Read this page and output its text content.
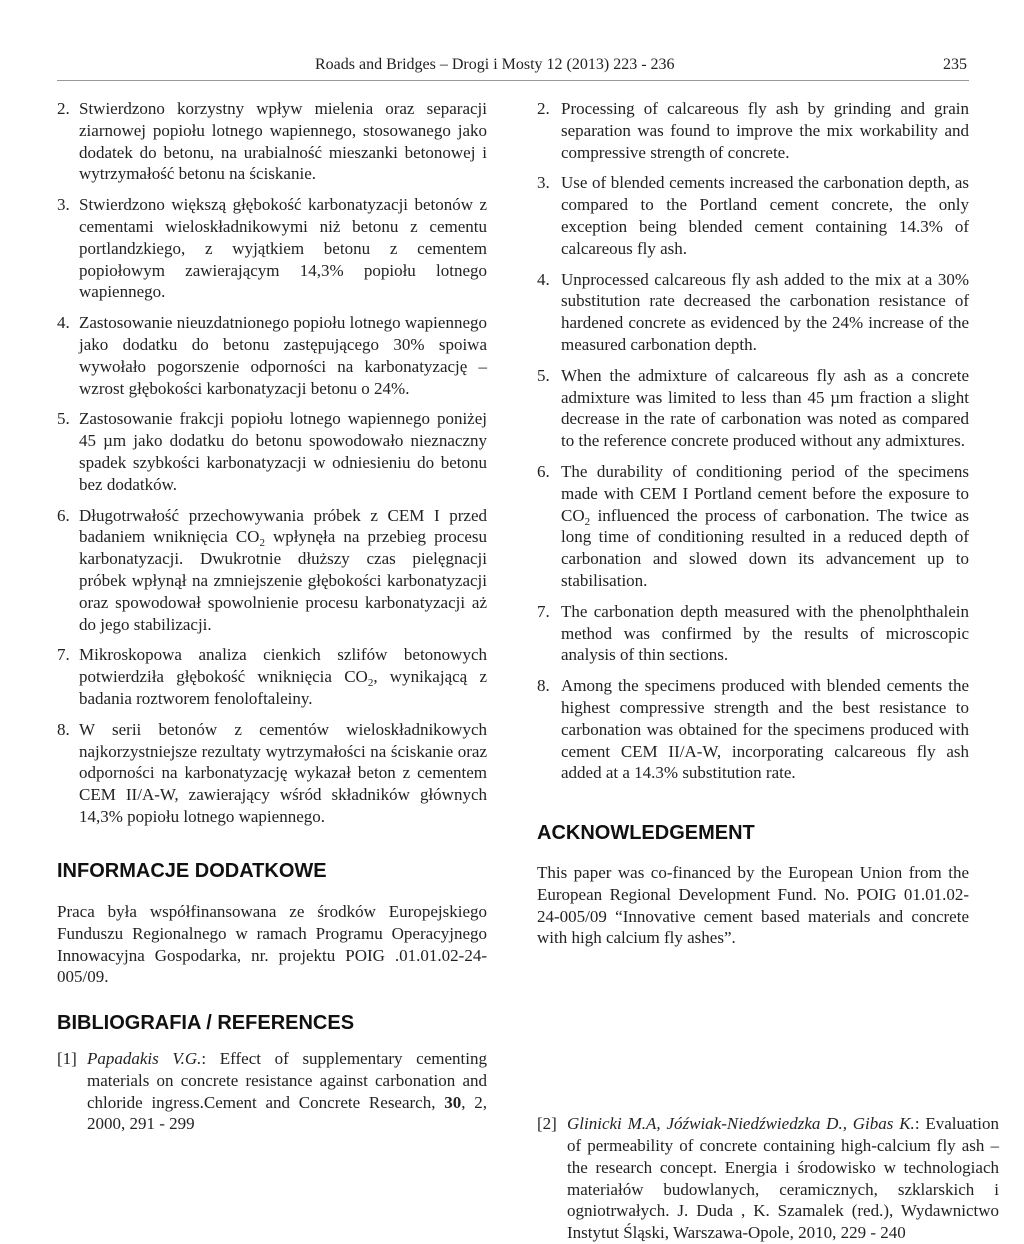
Roads and Bridges – Drogi i Mosty 12 (2013) 223 - 236	235
2. Stwierdzono korzystny wpływ mielenia oraz separacji ziarnowej popiołu lotnego wapiennego, stosowanego jako dodatek do betonu, na urabialność mieszanki betonowej i wytrzymałość betonu na ściskanie.
3. Stwierdzono większą głębokość karbonatyzacji betonów z cementami wieloskładnikowymi niż betonu z cementu portlandzkiego, z wyjątkiem betonu z cementem popiołowym zawierającym 14,3% popiołu lotnego wapiennego.
4. Zastosowanie nieuzdatnionego popiołu lotnego wapiennego jako dodatku do betonu zastępującego 30% spoiwa wywołało pogorszenie odporności na karbonatyzację – wzrost głębokości karbonatyzacji betonu o 24%.
5. Zastosowanie frakcji popiołu lotnego wapiennego poniżej 45 µm jako dodatku do betonu spowodowało nieznaczny spadek szybkości karbonatyzacji w odniesieniu do betonu bez dodatków.
6. Długotrwałość przechowywania próbek z CEM I przed badaniem wniknięcia $CO_2$ wpłynęła na przebieg procesu karbonatyzacji. Dwukrotnie dłuższy czas pielęgnacji próbek wpłynął na zmniejszenie głębokości karbonatyzacji oraz spowodował spowolnienie procesu karbonatyzacji aż do jego stabilizacji.
7. Mikroskopowa analiza cienkich szlifów betonowych potwierdziła głębokość wniknięcia $CO_2$, wynikającą z badania roztworem fenoloftaleiny.
8. W serii betonów z cementów wieloskładnikowych najkorzystniejsze rezultaty wytrzymałości na ściskanie oraz odporności na karbonatyzację wykazał beton z cementem CEM II/A-W, zawierający wśród składników głównych 14,3% popiołu lotnego wapiennego.
INFORMACJE DODATKOWE

Praca była współfinansowana ze środków Europejskiego Funduszu Regionalnego w ramach Programu Operacyjnego Innowacyjna Gospodarka, nr. projektu POIG .01.01.02-24-005/09.

BIBLIOGRAFIA / REFERENCES
[1] Papadakis V.G.: Effect of supplementary cementing materials on concrete resistance against carbonation and chloride ingress.Cement and Concrete Research, 30, 2, 2000, 291 - 299
2. Processing of calcareous fly ash by grinding and grain separation was found to improve the mix workability and compressive strength of concrete.
3. Use of blended cements increased the carbonation depth, as compared to the Portland cement concrete, the only exception being blended cement containing 14.3% of calcareous fly ash.
4. Unprocessed calcareous fly ash added to the mix at a 30% substitution rate decreased the carbonation resistance of hardened concrete as evidenced by the 24% increase of the measured carbonation depth.
5. When the admixture of calcareous fly ash as a concrete admixture was limited to less than 45 µm fraction a slight decrease in the rate of carbonation was noted as compared to the reference concrete produced without any admixtures.
6. The durability of conditioning period of the specimens made with CEM I Portland cement before the exposure to $CO_2$ influenced the process of carbonation. The twice as long time of conditioning resulted in a reduced depth of carbonation and slowed down its advancement up to stabilisation.
7. The carbonation depth measured with the phenolphthalein method was confirmed by the results of microscopic analysis of thin sections.
8. Among the specimens produced with blended cements the highest compressive strength and the best resistance to carbonation was obtained for the specimens produced with cement CEM II/A-W, incorporating calcareous fly ash added at a 14.3% substitution rate.
ACKNOWLEDGEMENT

This paper was co-financed by the European Union from the European Regional Development Fund. No. POIG 01.01.02-24-005/09 “Innovative cement based materials and concrete with high calcium fly ashes”.

[2] Glinicki M.A, Jóźwiak-Niedźwiedzka D., Gibas K.: Evaluation of permeability of concrete containing high-calcium fly ash – the research concept. Energia i środowisko w technologiach materiałów budowlanych, ceramicznych, szklarskich i ogniotrwałych. J. Duda , K. Szamalek (red.), Wydawnictwo Instytut Śląski, Warszawa-Opole, 2010, 229 - 240
